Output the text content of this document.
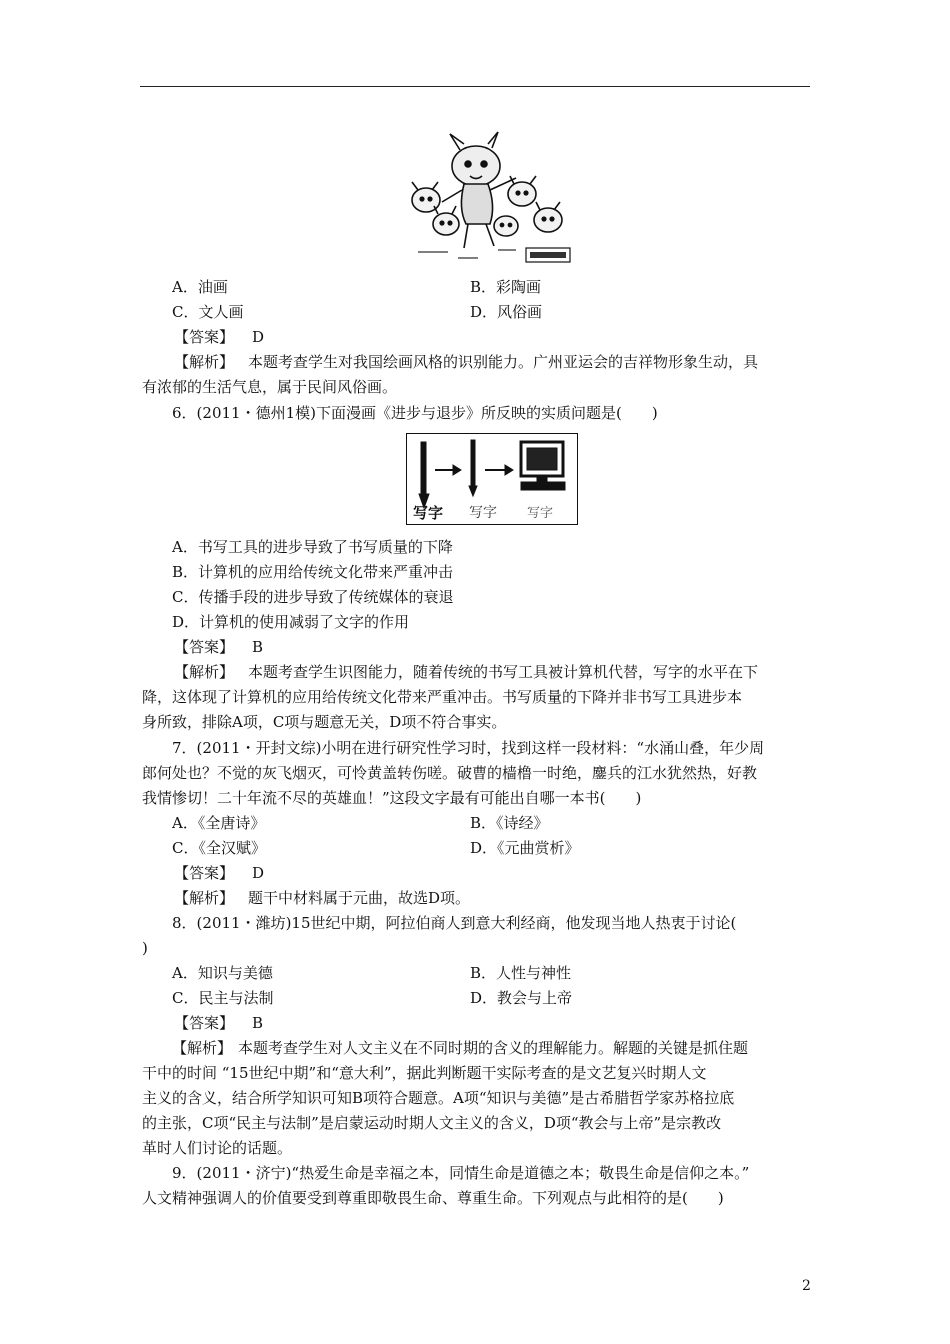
A．油画	B．彩陶画
C．文人画	D．风俗画
【答案】 D
【解析】 本题考查学生对我国绘画风格的识别能力。广州亚运会的吉祥物形象生动，具
有浓郁的生活气息，属于民间风俗画。
6．(2011・德州1模)下面漫画《进步与退步》所反映的实质问题是(　　)
写字 写字 写字
A．书写工具的进步导致了书写质量的下降
B．计算机的应用给传统文化带来严重冲击
C．传播手段的进步导致了传统媒体的衰退
D．计算机的使用减弱了文字的作用
【答案】 B
【解析】 本题考查学生识图能力，随着传统的书写工具被计算机代替，写字的水平在下
降，这体现了计算机的应用给传统文化带来严重冲击。书写质量的下降并非书写工具进步本
身所致，排除A项，C项与题意无关，D项不符合事实。
7．(2011・开封文综)小明在进行研究性学习时，找到这样一段材料：“水涌山叠，年少周
郎何处也？不觉的灰飞烟灭，可怜黄盖转伤嗟。破曹的樯橹一时绝，鏖兵的江水犹然热，好教
我情惨切！二十年流不尽的英雄血！”这段文字最有可能出自哪一本书(　　)
A．《全唐诗》	B．《诗经》
C．《全汉赋》	D．《元曲赏析》
【答案】 D
【解析】 题干中材料属于元曲，故选D项。
8．(2011・潍坊)15世纪中期，阿拉伯商人到意大利经商，他发现当地人热衷于讨论(
)
A．知识与美德	B．人性与神性
C．民主与法制	D．教会与上帝
【答案】 B
【解析】 本题考查学生对人文主义在不同时期的含义的理解能力。解题的关键是抓住题
干中的时间 “15世纪中期”和“意大利”，据此判断题干实际考查的是文艺复兴时期人文
主义的含义，结合所学知识可知B项符合题意。A项“知识与美德”是古希腊哲学家苏格拉底
的主张，C项“民主与法制”是启蒙运动时期人文主义的含义，D项“教会与上帝”是宗教改
革时人们讨论的话题。
9．(2011・济宁)“热爱生命是幸福之本，同情生命是道德之本；敬畏生命是信仰之本。”
人文精神强调人的价值要受到尊重即敬畏生命、尊重生命。下列观点与此相符的是(　　)
2
